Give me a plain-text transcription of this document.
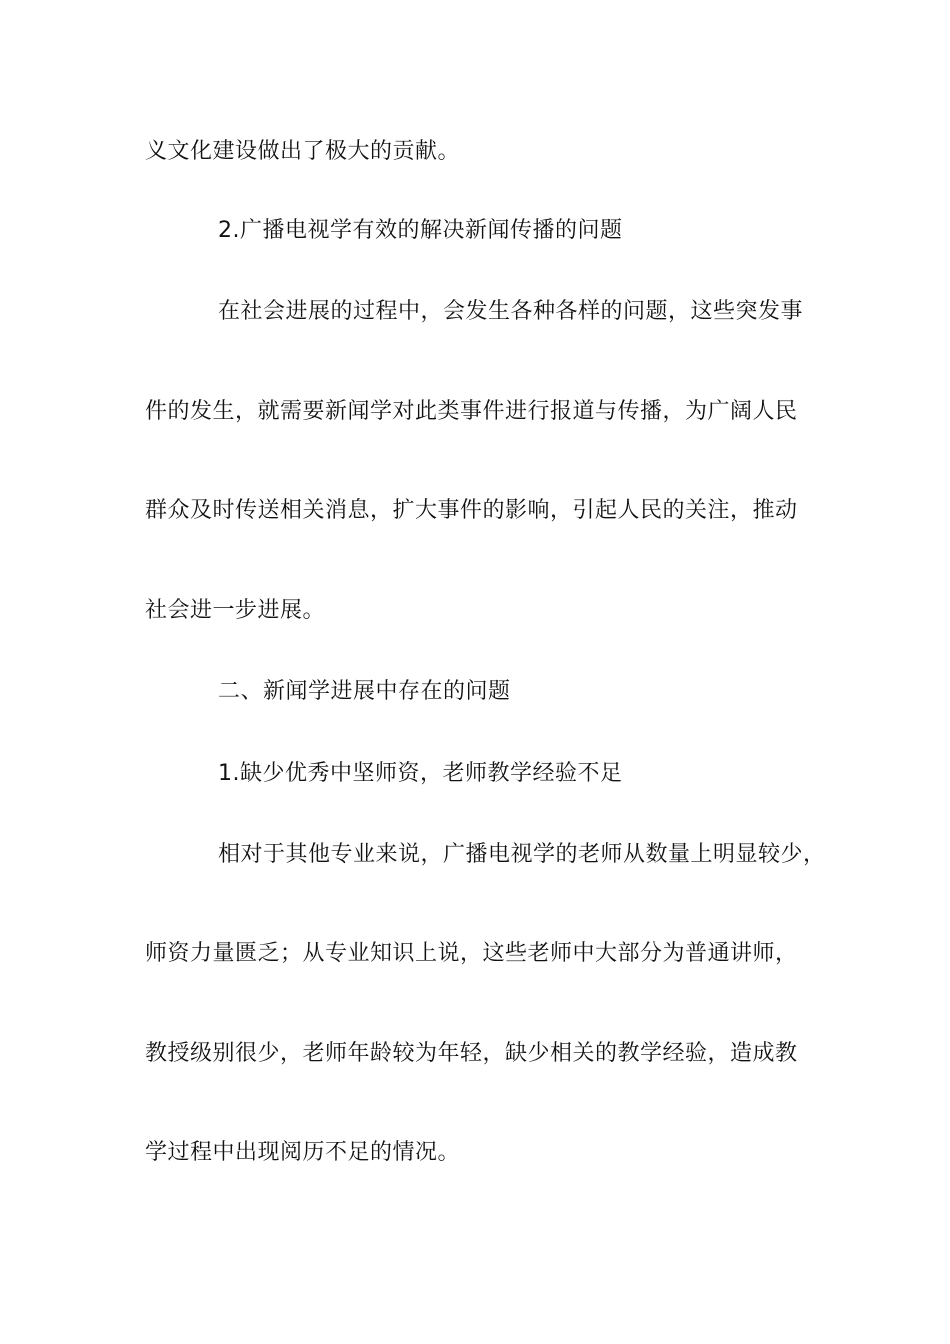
义文化建设做出了极大的贡献。
2.广播电视学有效的解决新闻传播的问题
在社会进展的过程中，会发生各种各样的问题，这些突发事
件的发生，就需要新闻学对此类事件进行报道与传播，为广阔人民
群众及时传送相关消息，扩大事件的影响，引起人民的关注，推动
社会进一步进展。
二、新闻学进展中存在的问题
1.缺少优秀中坚师资，老师教学经验不足
相对于其他专业来说，广播电视学的老师从数量上明显较少，
师资力量匮乏；从专业知识上说，这些老师中大部分为普通讲师，
教授级别很少，老师年龄较为年轻，缺少相关的教学经验，造成教
学过程中出现阅历不足的情况。
